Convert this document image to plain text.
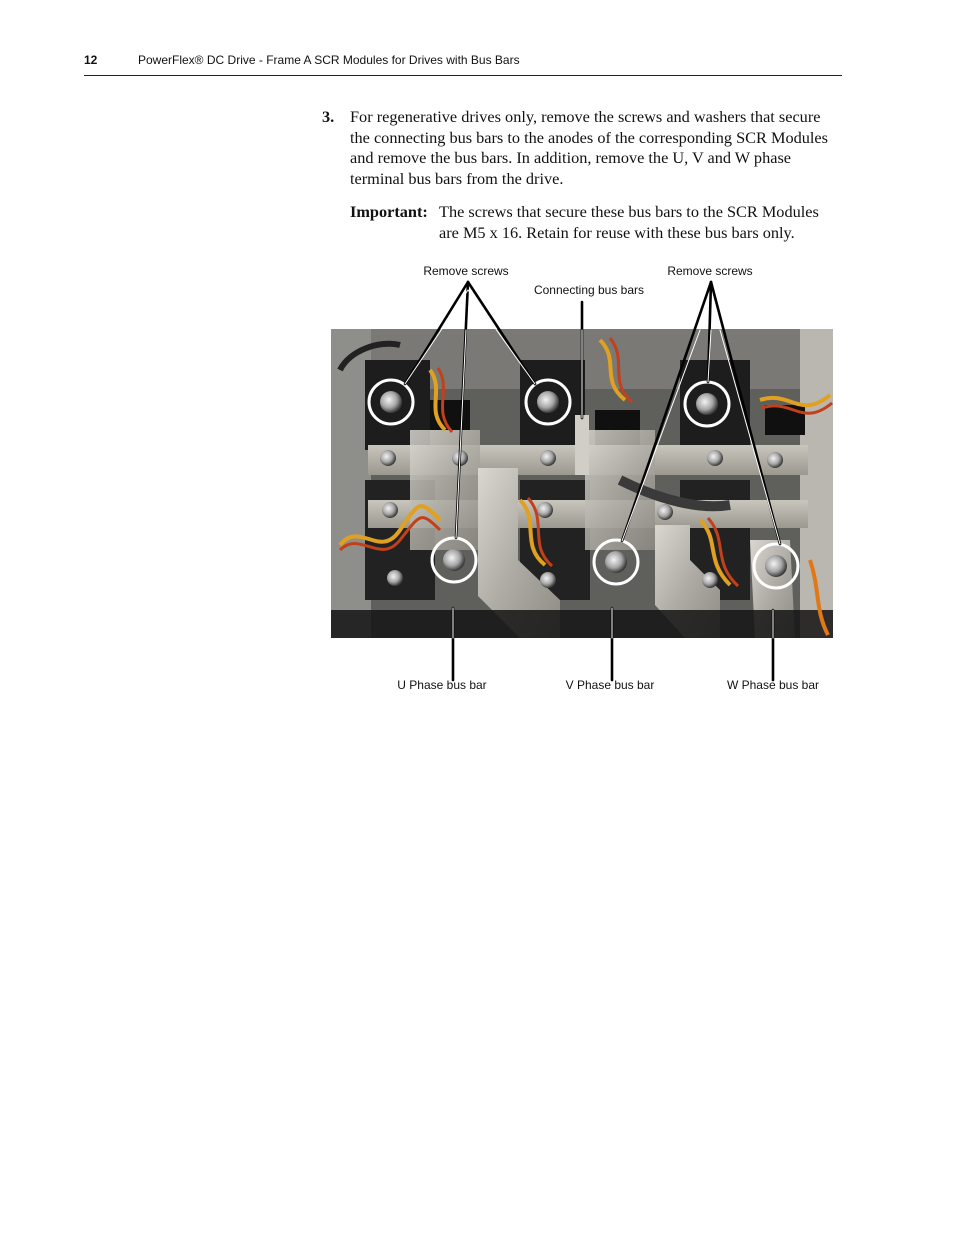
12	PowerFlex® DC Drive - Frame A SCR Modules for Drives with Bus Bars
3. For regenerative drives only, remove the screws and washers that secure the connecting bus bars to the anodes of the corresponding SCR Modules and remove the bus bars. In addition, remove the U, V and W phase terminal bus bars from the drive.
Important: The screws that secure these bus bars to the SCR Modules are M5 x 16. Retain for reuse with these bus bars only.
Remove screws
Connecting bus bars
Remove screws
U Phase bus bar	V Phase bus bar	W Phase bus bar
